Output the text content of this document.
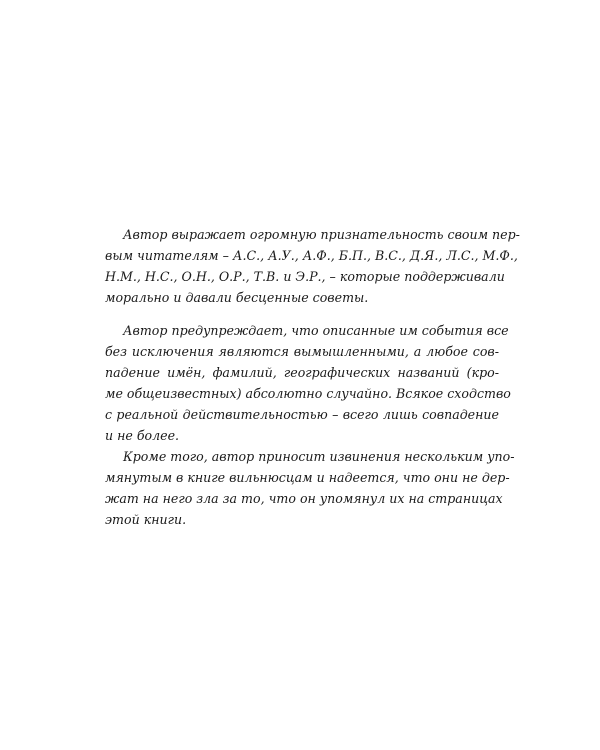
Автор выражает огромную признательность своим пер-
вым читателям – А.С., А.У., А.Ф., Б.П., В.С., Д.Я., Л.С., М.Ф.,
Н.М., Н.С., О.Н., О.Р., Т.В. и Э.Р., – которые поддерживали
морально и давали бесценные советы.
Автор предупреждает, что описанные им события все
без исключения являются вымышленными, а любое сов-
падение имён, фамилий, географических названий (кро-
ме общеизвестных) абсолютно случайно. Всякое сходство
с реальной действительностью – всего лишь совпадение
и не более.
Кроме того, автор приносит извинения нескольким упо-
мянутым в книге вильнюсцам и надеется, что они не дер-
жат на него зла за то, что он упомянул их на страницах
этой книги.
